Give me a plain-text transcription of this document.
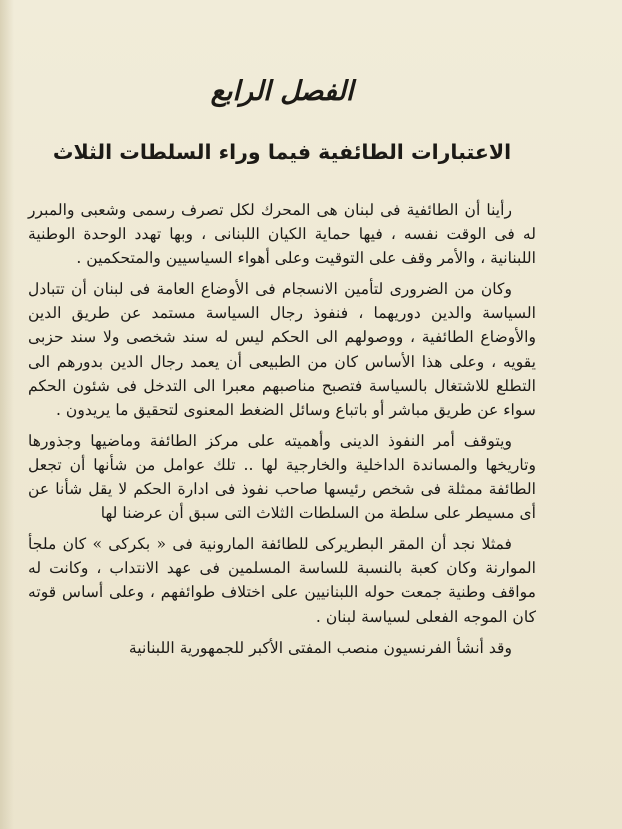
الفصل الرابع
الاعتبارات الطائفية فيما وراء السلطات الثلاث

رأينا أن الطائفية فى لبنان هى المحرك لكل تصرف رسمى وشعبى والمبرر له فى الوقت نفسه ، فيها حماية الكيان اللبنانى ، وبها تهدد الوحدة الوطنية اللبنانية ، والأمر وقف على التوقيت وعلى أهواء السياسيين والمتحكمين .

وكان من الضرورى لتأمين الانسجام فى الأوضاع العامة فى لبنان أن تتبادل السياسة والدين دوريهما ، فنفوذ رجال السياسة مستمد عن طريق الدين والأوضاع الطائفية ، ووصولهم الى الحكم ليس له سند شخصى ولا سند حزبى يقويه ، وعلى هذا الأساس كان من الطبيعى أن يعمد رجال الدين بدورهم الى التطلع للاشتغال بالسياسة فتصبح مناصبهم معبرا الى التدخل فى شئون الحكم سواء عن طريق مباشر أو باتباع وسائل الضغط المعنوى لتحقيق ما يريدون .

ويتوقف أمر النفوذ الدينى وأهميته على مركز الطائفة وماضيها وجذورها وتاريخها والمساندة الداخلية والخارجية لها .. تلك عوامل من شأنها أن تجعل الطائفة ممثلة فى شخص رئيسها صاحب نفوذ فى ادارة الحكم لا يقل شأنا عن أى مسيطر على سلطة من السلطات الثلاث التى سبق أن عرضنا لها

فمثلا نجد أن المقر البطريركى للطائفة المارونية فى « بكركى » كان ملجأ الموارنة وكان كعبة بالنسبة للساسة المسلمين فى عهد الانتداب ، وكانت له مواقف وطنية جمعت حوله اللبنانيين على اختلاف طوائفهم ، وعلى أساس قوته كان الموجه الفعلى لسياسة لبنان .

وقد أنشأ الفرنسيون منصب المفتى الأكبر للجمهورية اللبنانية
